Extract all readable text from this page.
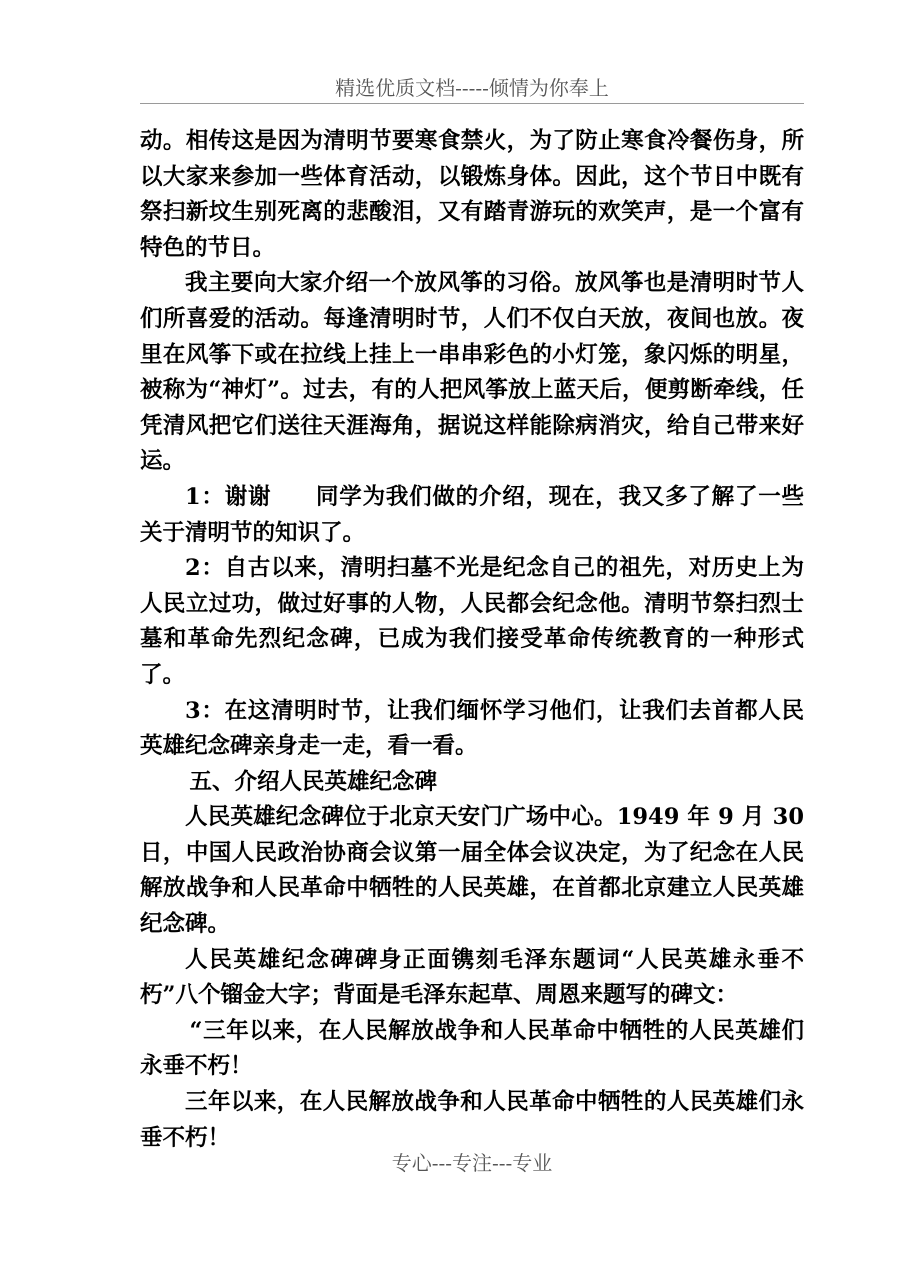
精选优质文档-----倾情为你奉上

动。相传这是因为清明节要寒食禁火，为了防止寒食冷餐伤身，所以大家来参加一些体育活动，以锻炼身体。因此，这个节日中既有祭扫新坟生别死离的悲酸泪，又有踏青游玩的欢笑声，是一个富有特色的节日。

我主要向大家介绍一个放风筝的习俗。放风筝也是清明时节人们所喜爱的活动。每逢清明时节，人们不仅白天放，夜间也放。夜里在风筝下或在拉线上挂上一串串彩色的小灯笼，象闪烁的明星，被称为“神灯”。过去，有的人把风筝放上蓝天后，便剪断牵线，任凭清风把它们送往天涯海角，据说这样能除病消灾，给自己带来好运。

1：谢谢 同学为我们做的介绍，现在，我又多了解了一些关于清明节的知识了。

2：自古以来，清明扫墓不光是纪念自己的祖先，对历史上为人民立过功，做过好事的人物，人民都会纪念他。清明节祭扫烈士墓和革命先烈纪念碑，已成为我们接受革命传统教育的一种形式了。

3：在这清明时节，让我们缅怀学习他们，让我们去首都人民英雄纪念碑亲身走一走，看一看。

五、介绍人民英雄纪念碑

人民英雄纪念碑位于北京天安门广场中心。1949 年 9 月 30 日，中国人民政治协商会议第一届全体会议决定，为了纪念在人民解放战争和人民革命中牺牲的人民英雄，在首都北京建立人民英雄纪念碑。

人民英雄纪念碑碑身正面镌刻毛泽东题词“人民英雄永垂不朽”八个镏金大字；背面是毛泽东起草、周恩来题写的碑文：

“三年以来，在人民解放战争和人民革命中牺牲的人民英雄们永垂不朽！

三年以来，在人民解放战争和人民革命中牺牲的人民英雄们永垂不朽！

专心---专注---专业
